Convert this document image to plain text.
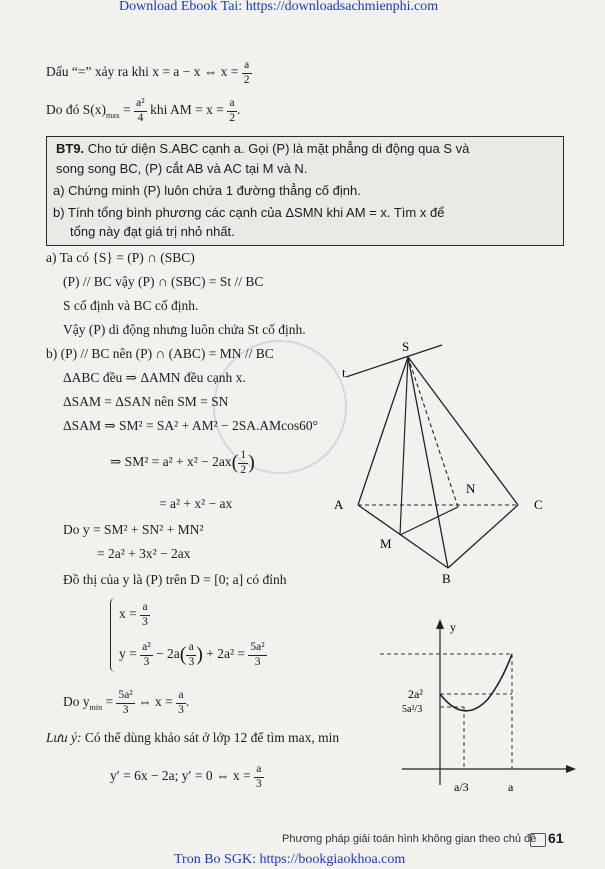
Download Ebook Tai: https://downloadsachmienphi.com
Dấu “=” xảy ra khi x = a − x ⇔ $x = \frac{a}{2}$
Do đó $S(x)_{max} = \frac{\text{a²}}{4}$ khi AM = $x = \frac{a}{2}$ .
BT9. Cho tứ diện S.ABC cạnh a. Gọi (P) là mặt phẳng di động qua S và
song song BC, (P) cắt AB và AC tại M và N.
a) Chứng minh (P) luôn chứa 1 đường thẳng cố định.
b) Tính tổng bình phương các cạnh của ΔSMN khi AM = x. Tìm x để
tổng này đạt giá trị nhỏ nhất.
a) Ta có {S} = (P) ∩ (SBC)
(P) // BC vậy (P) ∩ (SBC) = St // BC
S cố định và BC cố định.
Vậy (P) di động nhưng luôn chứa St cố định.
b) (P) // BC nên (P) ∩ (ABC) = MN // BC
ΔABC đều ⇒ ΔAMN đều cạnh x.
ΔSAM = ΔSAN nên SM = SN
ΔSAM ⇒ SM² = SA² + AM² − 2SA.AMcos60°
⇒ $SM^2 = a^2 + x^2 - 2ax( \frac{1}{2}$ )
= a² + x² − ax
Do y = SM² + SN² + MN²
= 2a² + 3x² − 2ax
Đồ thị của y là (P) trên D = [0; a] có đỉnh
$x = \frac{a}{3}$
$y = \frac{\text{a²}}{3} - 2a( \frac{a}{3}$ ) + $2a^2 = \frac{\text{5a²}}{3}$
Do $y_{min} = \frac{\text{5a²}}{3}$ ⇔ $x = \frac{a}{3}$ .
Lưu ý: Có thể dùng khảo sát ở lớp 12 để tìm max, min
y′ = 6x − 2a; y′ = 0 ⇔ $x = \frac{a}{3}$
S
t
A
B
C
M
N
y
2a²
5a²/3
a/3	a
Phương pháp giải toán hình không gian theo chủ đề 61
Tron Bo SGK: https://bookgiaokhoa.com
